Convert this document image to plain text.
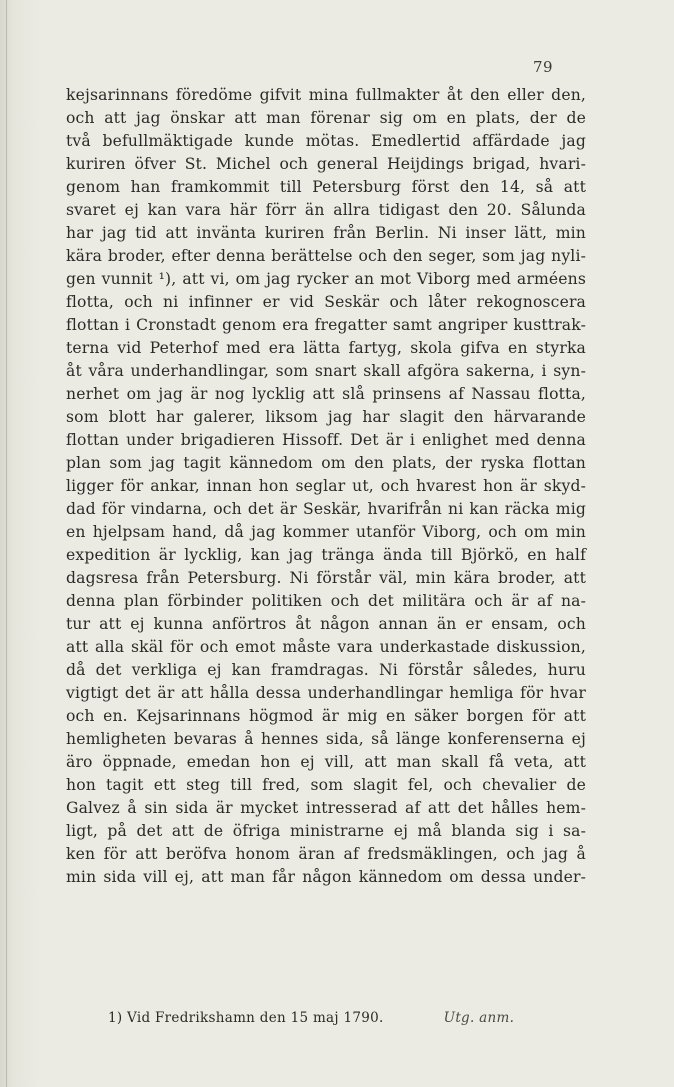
79
kejsarinnans föredöme gifvit mina fullmakter åt den eller den,
och att jag önskar att man förenar sig om en plats, der de
två befullmäktigade kunde mötas. Emedlertid affärdade jag
kuriren öfver St. Michel och general Heijdings brigad, hvari-
genom han framkommit till Petersburg först den 14, så att
svaret ej kan vara här förr än allra tidigast den 20. Sålunda
har jag tid att invänta kuriren från Berlin. Ni inser lätt, min
kära broder, efter denna berättelse och den seger, som jag nyli-
gen vunnit ¹), att vi, om jag rycker an mot Viborg med arméens
flotta, och ni infinner er vid Seskär och låter rekognoscera
flottan i Cronstadt genom era fregatter samt angriper kusttrak-
terna vid Peterhof med era lätta fartyg, skola gifva en styrka
åt våra underhandlingar, som snart skall afgöra sakerna, i syn-
nerhet om jag är nog lycklig att slå prinsens af Nassau flotta,
som blott har galerer, liksom jag har slagit den härvarande
flottan under brigadieren Hissoff. Det är i enlighet med denna
plan som jag tagit kännedom om den plats, der ryska flottan
ligger för ankar, innan hon seglar ut, och hvarest hon är skyd-
dad för vindarna, och det är Seskär, hvarifrån ni kan räcka mig
en hjelpsam hand, då jag kommer utanför Viborg, och om min
expedition är lycklig, kan jag tränga ända till Björkö, en half
dagsresa från Petersburg. Ni förstår väl, min kära broder, att
denna plan förbinder politiken och det militära och är af na-
tur att ej kunna anförtros åt någon annan än er ensam, och
att alla skäl för och emot måste vara underkastade diskussion,
då det verkliga ej kan framdragas. Ni förstår således, huru
vigtigt det är att hålla dessa underhandlingar hemliga för hvar
och en. Kejsarinnans högmod är mig en säker borgen för att
hemligheten bevaras å hennes sida, så länge konferenserna ej
äro öppnade, emedan hon ej vill, att man skall få veta, att
hon tagit ett steg till fred, som slagit fel, och chevalier de
Galvez å sin sida är mycket intresserad af att det hålles hem-
ligt, på det att de öfriga ministrarne ej må blanda sig i sa-
ken för att beröfva honom äran af fredsmäklingen, och jag å
min sida vill ej, att man får någon kännedom om dessa under-
1) Vid Fredrikshamn den 15 maj 1790.	Utg. anm.
